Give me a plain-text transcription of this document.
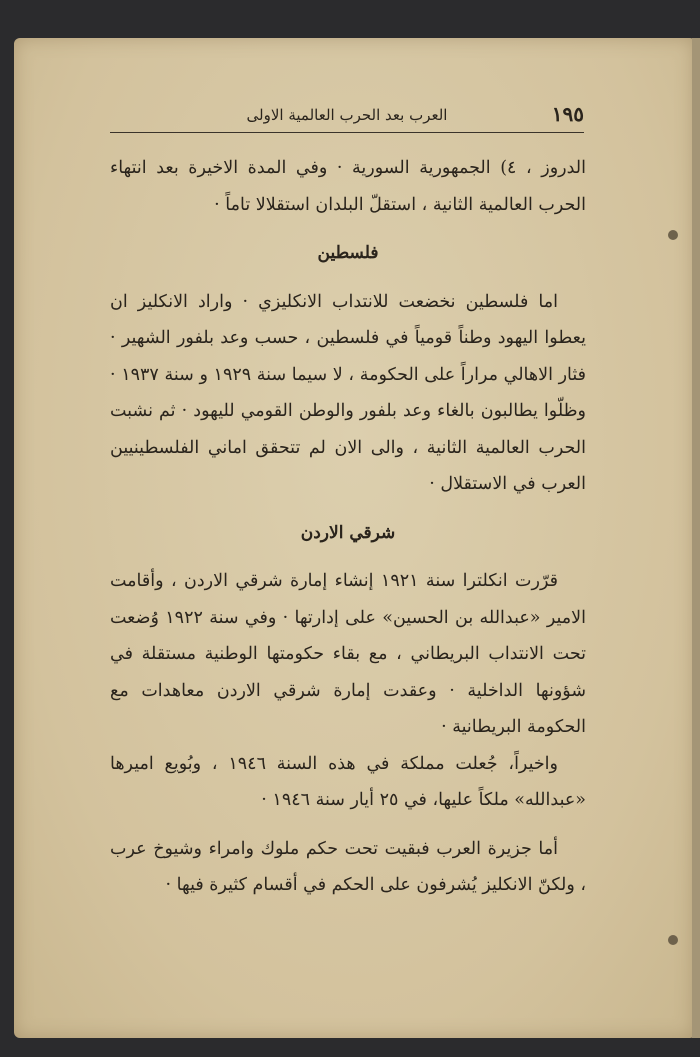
١٩٥
العرب بعد الحرب العالمية الاولى

الدروز ، ٤) الجمهورية السورية · وفي المدة الاخيرة بعد انتهاء الحرب العالمية الثانية ، استقلّ البلدان استقلالا تاماً ·

فلسطين

اما فلسطين نخضعت للانتداب الانكليزي · واراد الانكليز ان يعطوا اليهود وطناً قومياً في فلسطين ، حسب وعد بلفور الشهير · فثار الاهالي مراراً على الحكومة ، لا سيما سنة ١٩٢٩ و سنة ١٩٣٧ · وظلّوا يطالبون بالغاء وعد بلفور والوطن القومي لليهود · ثم نشبت الحرب العالمية الثانية ، والى الان لم تتحقق اماني الفلسطينيين العرب في الاستقلال ·

شرقي الاردن

قرّرت انكلترا سنة ١٩٢١ إنشاء إمارة شرقي الاردن ، وأقامت الامير «عبدالله بن الحسين» على إدارتها · وفي سنة ١٩٢٢ وُضعت تحت الانتداب البريطاني ، مع بقاء حكومتها الوطنية مستقلة في شؤونها الداخلية · وعقدت إمارة شرقي الاردن معاهدات مع الحكومة البريطانية ·

واخيراً، جُعلت مملكة في هذه السنة ١٩٤٦ ، وبُويع اميرها «عبدالله» ملكاً عليها، في ٢٥ أيار سنة ١٩٤٦ ·

أما جزيرة العرب فبقيت تحت حكم ملوك وامراء وشيوخ عرب ، ولكنّ الانكليز يُشرفون على الحكم في أقسام كثيرة فيها ·
